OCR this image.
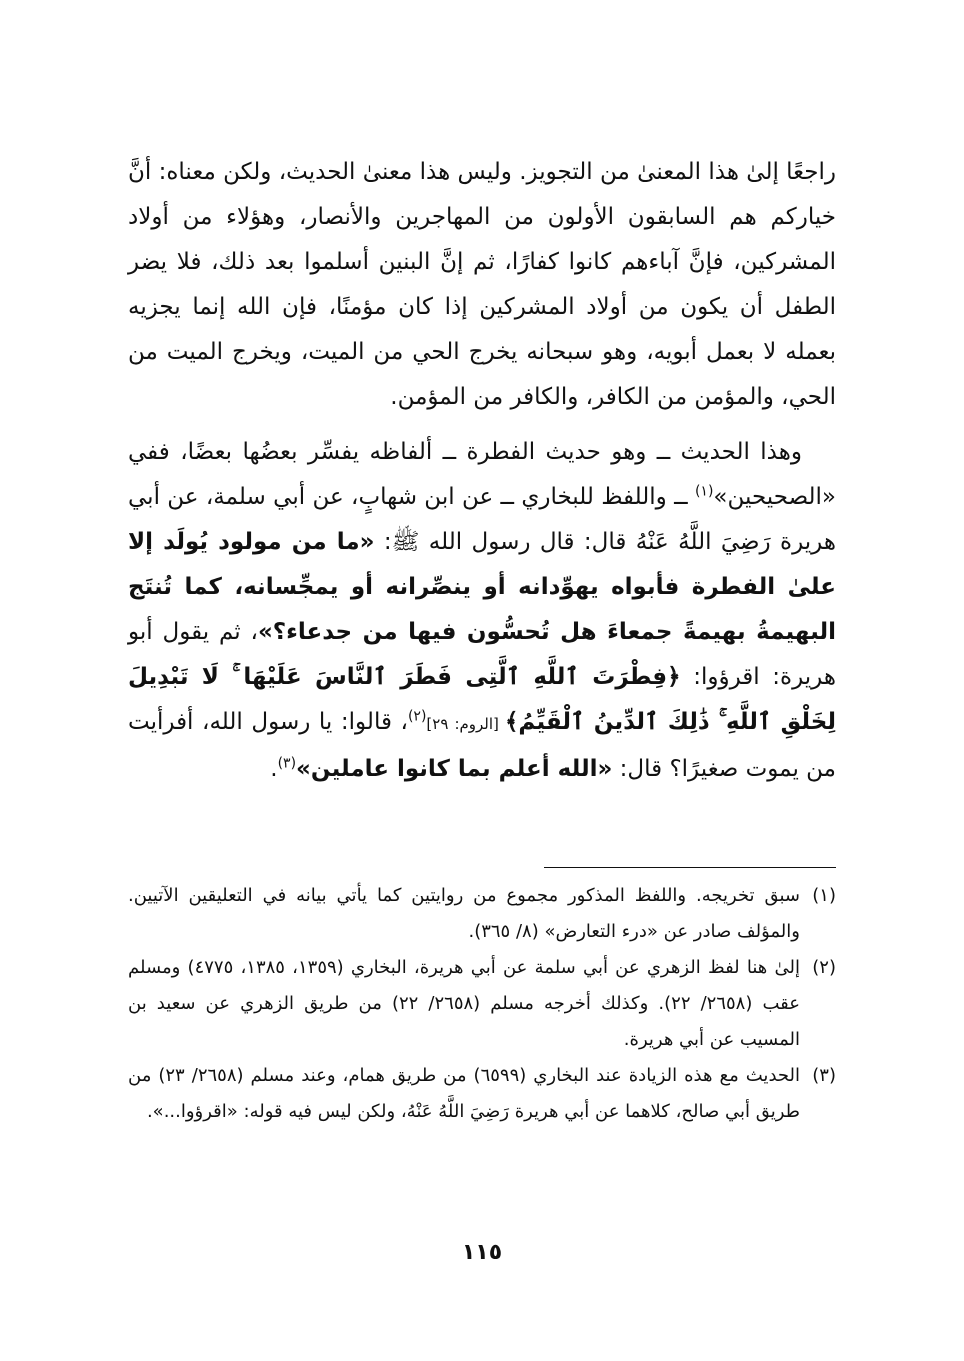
راجعًا إلىٰ هذا المعنىٰ من التجويز. وليس هذا معنىٰ الحديث، ولكن معناه: أنَّ خياركم هم السابقون الأولون من المهاجرين والأنصار، وهؤلاء من أولاد المشركين، فإنَّ آباءهم كانوا كفارًا، ثم إنَّ البنين أسلموا بعد ذلك، فلا يضر الطفل أن يكون من أولاد المشركين إذا كان مؤمنًا، فإن الله إنما يجزيه بعمله لا بعمل أبويه، وهو سبحانه يخرج الحي من الميت، ويخرج الميت من الحي، والمؤمن من الكافر، والكافر من المؤمن.

وهذا الحديث ــ وهو حديث الفطرة ــ ألفاظه يفسِّر بعضُها بعضًا، ففي «الصحيحين»$^{(١)}$ ــ واللفظ للبخاري ــ عن ابن شهابٍ، عن أبي سلمة، عن أبي هريرة رَضِيَ اللَّهُ عَنْهُ قال: قال رسول الله ﷺ: «ما من مولود يُولَد إلا علىٰ الفطرة فأبواه يهوِّدانه أو ينصِّرانه أو يمجِّسانه، كما تُنتَج البهيمةُ بهيمةً جمعاءَ هل تُحسُّون فيها من جدعاء؟»، ثم يقول أبو هريرة: اقرؤوا: ﴿فِطْرَتَ ٱللَّهِ ٱلَّتِى فَطَرَ ٱلنَّاسَ عَلَيْهَا ۚ لَا تَبْدِيلَ لِخَلْقِ ٱللَّهِ ۚ ذَٰلِكَ ٱلدِّينُ ٱلْقَيِّمُ﴾ [الروم: ٢٩]$^{(٢)}$، قالوا: يا رسول الله، أفرأيت من يموت صغيرًا؟ قال: «الله أعلم بما كانوا عاملين»$^{(٣)}$.

(١)
سبق تخريجه. واللفظ المذكور مجموع من روايتين كما يأتي بيانه في التعليقين الآتيين. والمؤلف صادر عن «درء التعارض» (٨/ ٣٦٥).
(٢)
إلىٰ هنا لفظ الزهري عن أبي سلمة عن أبي هريرة، البخاري (١٣٥٩، ١٣٨٥، ٤٧٧٥) ومسلم عقب (٢٦٥٨/ ٢٢). وكذلك أخرجه مسلم (٢٦٥٨/ ٢٢) من طريق الزهري عن سعيد بن المسيب عن أبي هريرة.
(٣)
الحديث مع هذه الزيادة عند البخاري (٦٥٩٩) من طريق همام، وعند مسلم (٢٦٥٨/ ٢٣) من طريق أبي صالح، كلاهما عن أبي هريرة رَضِيَ اللَّهُ عَنْهُ، ولكن ليس فيه قوله: «اقرؤوا...».
١١٥
